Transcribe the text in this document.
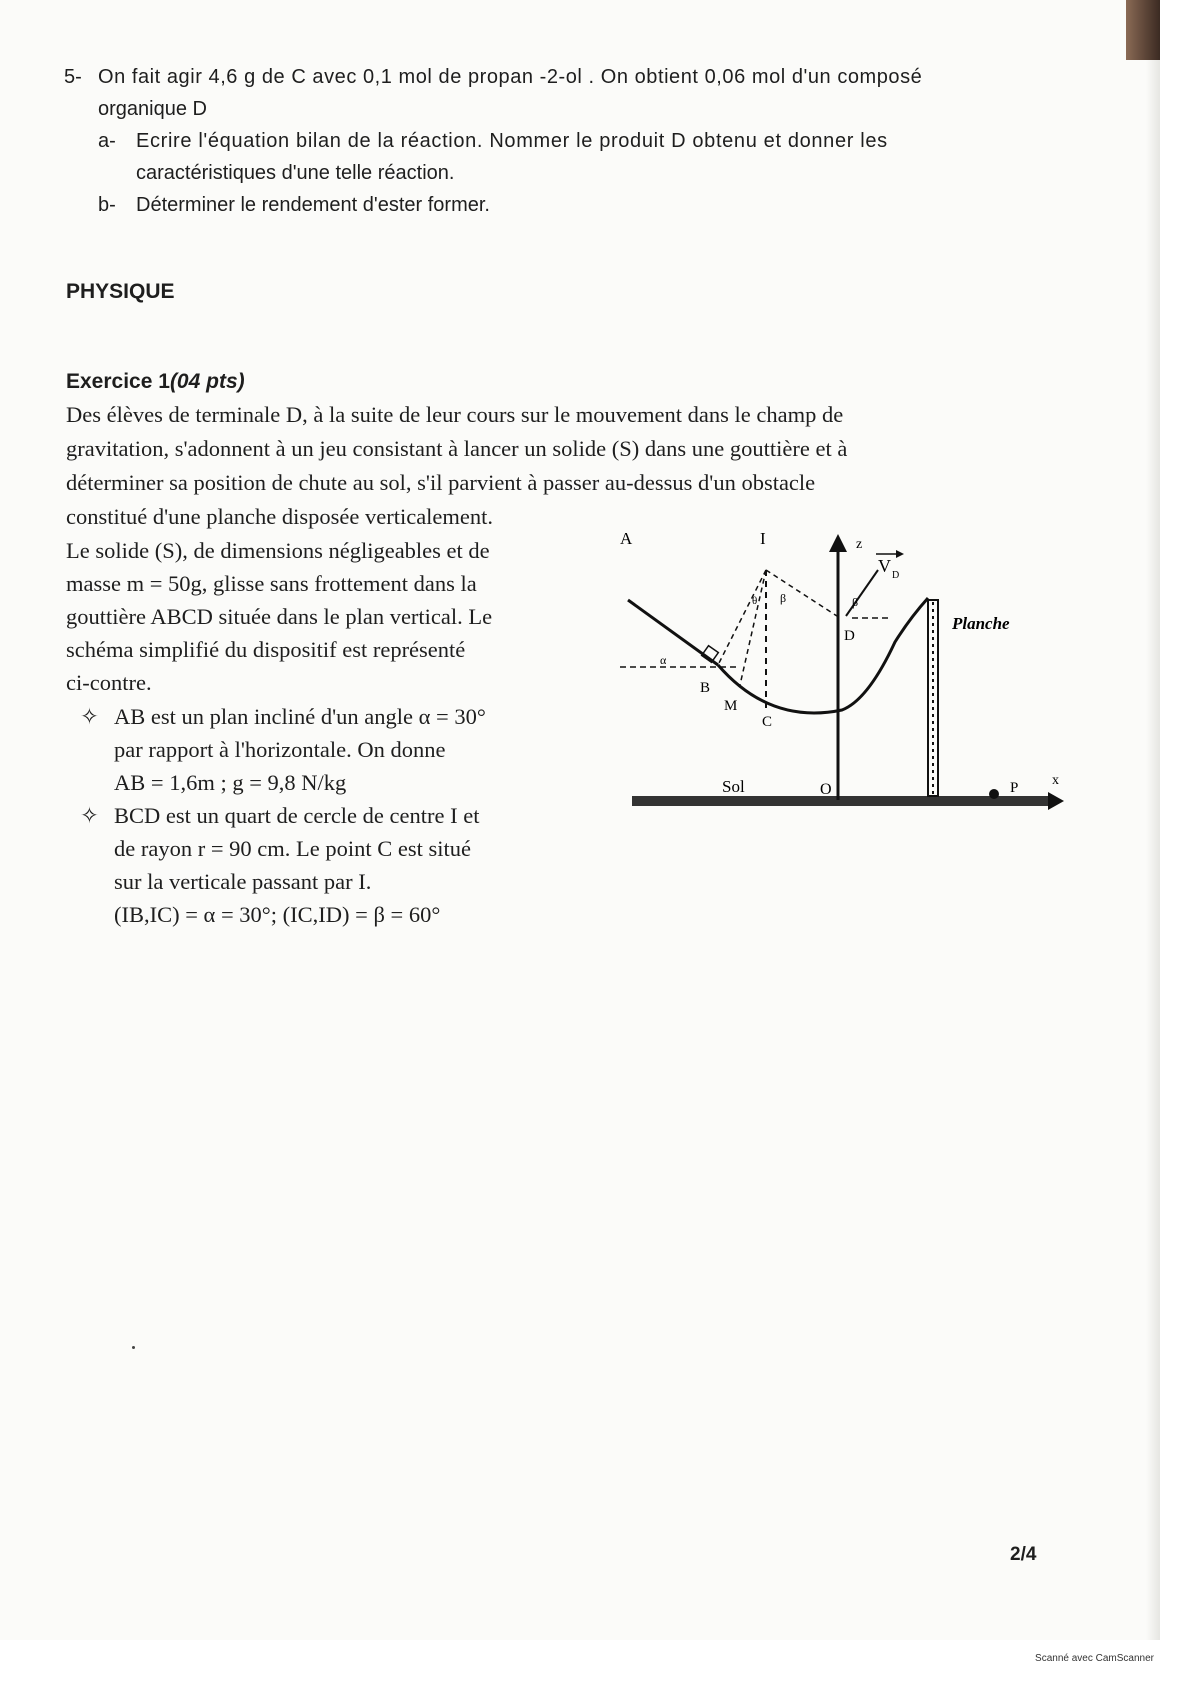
5- On fait agir 4,6 g de C avec 0,1 mol de propan -2-ol . On obtient 0,06 mol d'un composé
organique D
a- Ecrire l'équation bilan de la réaction. Nommer le produit D obtenu et donner les
caractéristiques d'une telle réaction.
b- Déterminer le rendement d'ester former.
PHYSIQUE
Exercice 1(04 pts)
Des élèves de terminale D, à la suite de leur cours sur le mouvement dans le champ de
gravitation, s'adonnent à un jeu consistant à lancer un solide (S) dans une gouttière et à
déterminer sa position de chute au sol, s'il parvient à passer au-dessus d'un obstacle
constitué d'une planche disposée verticalement.
Le solide (S), de dimensions négligeables et de
masse m = 50g, glisse sans frottement dans la
gouttière ABCD située dans le plan vertical. Le
schéma simplifié du dispositif est représenté
ci-contre.
✧ AB est un plan incliné d'un angle α = 30°
par rapport à l'horizontale. On donne
AB = 1,6m ; g = 9,8 N/kg
✧ BCD est un quart de cercle de centre I et
de rayon r = 90 cm. Le point C est situé
sur la verticale passant par I.
(IB,IC) = α = 30°; (IC,ID) = β = 60°
A	I	z
V D
Planche
α
θ β	β
B
M
C
D
Sol	O	P x
2/4
Scanné avec CamScanner
